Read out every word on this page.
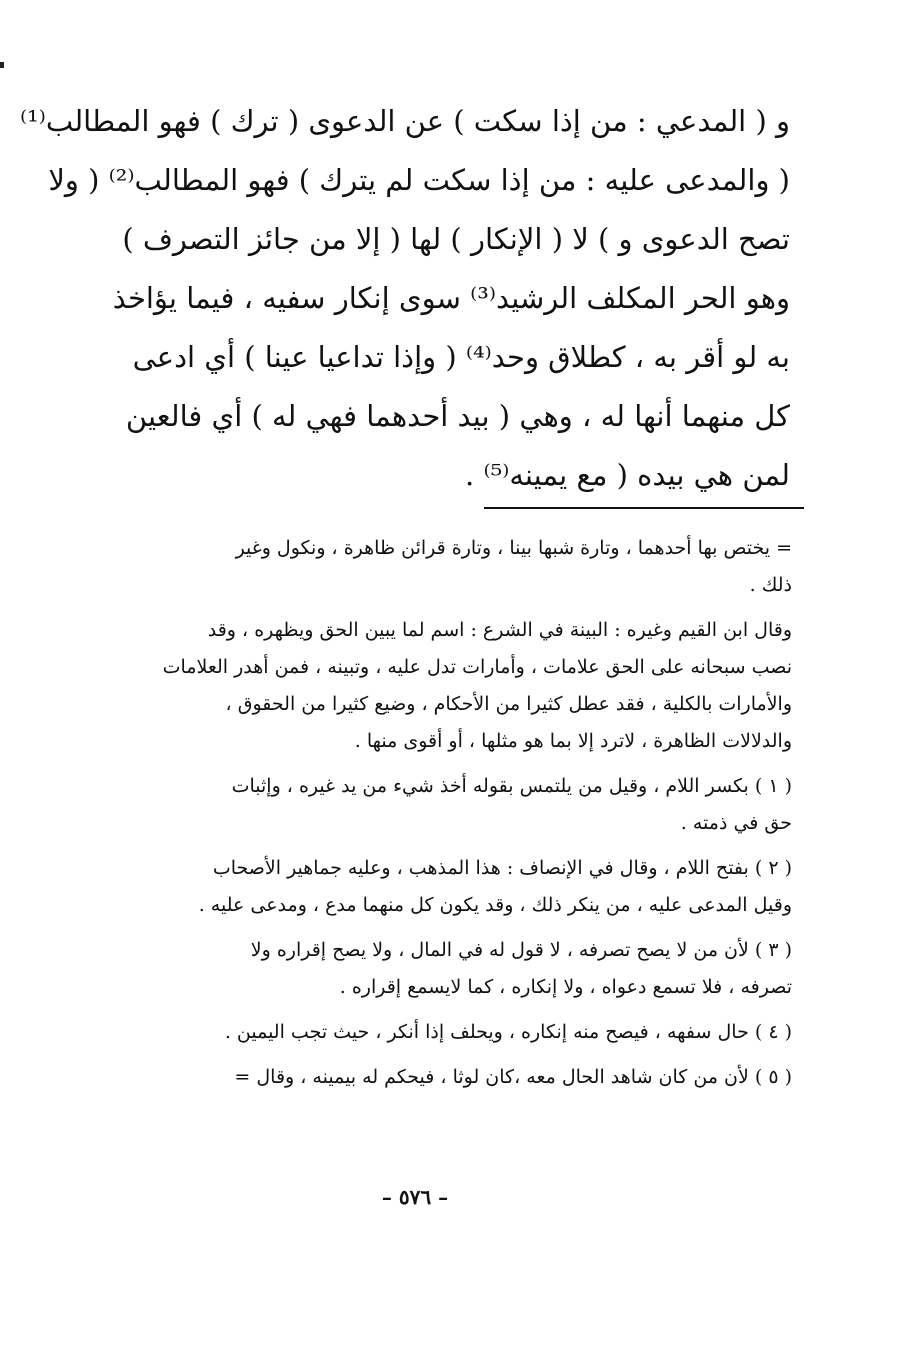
و ( المدعي : من إذا سكت ) عن الدعوى ( ترك ) فهو المطالب⁽¹⁾
( والمدعى عليه : من إذا سكت لم يترك ) فهو المطالب⁽²⁾ ( ولا
تصح الدعوى و ) لا ( الإنكار ) لها ( إلا من جائز التصرف )
وهو الحر المكلف الرشيد⁽³⁾ سوى إنكار سفيه ، فيما يؤاخذ
به لو أقر به ، كطلاق وحد⁽⁴⁾ ( وإذا تداعيا عينا ) أي ادعى
كل منهما أنها له ، وهي ( بيد أحدهما فهي له ) أي فالعين
لمن هي بيده ( مع يمينه⁽⁵⁾ .
= يختص بها أحدهما ، وتارة شبها بينا ، وتارة قرائن ظاهرة ، ونكول وغير
ذلك .
وقال ابن القيم وغيره : البينة في الشرع : اسم لما يبين الحق ويظهره ، وقد
نصب سبحانه على الحق علامات ، وأمارات تدل عليه ، وتبينه ، فمن أهدر العلامات
والأمارات بالكلية ، فقد عطل كثيرا من الأحكام ، وضيع كثيرا من الحقوق ،
والدلالات الظاهرة ، لاترد إلا بما هو مثلها ، أو أقوى منها .
( ١ ) بكسر اللام ، وقيل من يلتمس بقوله أخذ شيء من يد غيره ، وإثبات
حق في ذمته .
( ٢ ) بفتح اللام ، وقال في الإنصاف : هذا المذهب ، وعليه جماهير الأصحاب
وقيل المدعى عليه ، من ينكر ذلك ، وقد يكون كل منهما مدع ، ومدعى عليه .
( ٣ ) لأن من لا يصح تصرفه ، لا قول له في المال ، ولا يصح إقراره ولا
تصرفه ، فلا تسمع دعواه ، ولا إنكاره ، كما لايسمع إقراره .
( ٤ ) حال سفهه ، فيصح منه إنكاره ، ويحلف إذا أنكر ، حيث تجب اليمين .
( ٥ ) لأن من كان شاهد الحال معه ،كان لوثا ، فيحكم له بيمينه ، وقال =
– ٥٧٦ –
